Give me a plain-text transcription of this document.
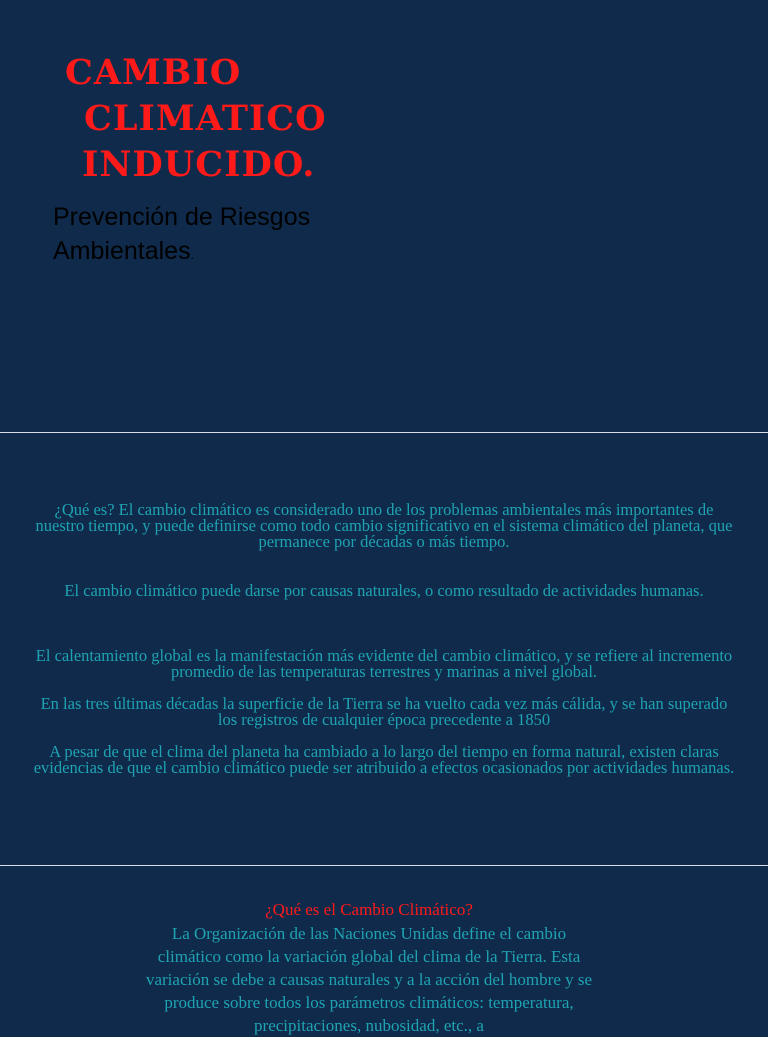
CAMBIO
CLIMATICO
INDUCIDO.
Prevención de Riesgos Ambientales.

¿Qué es? El cambio climático es considerado uno de los problemas ambientales más importantes de nuestro tiempo, y puede definirse como todo cambio significativo en el sistema climático del planeta, que permanece por décadas o más tiempo.

El cambio climático puede darse por causas naturales, o como resultado de actividades humanas.

El calentamiento global es la manifestación más evidente del cambio climático, y se refiere al incremento promedio de las temperaturas terrestres y marinas a nivel global.

En las tres últimas décadas la superficie de la Tierra se ha vuelto cada vez más cálida, y se han superado los registros de cualquier época precedente a 1850

A pesar de que el clima del planeta ha cambiado a lo largo del tiempo en forma natural, existen claras evidencias de que el cambio climático puede ser atribuido a efectos ocasionados por actividades humanas.

¿Qué es el Cambio Climático?
La Organización de las Naciones Unidas define el cambio climático como la variación global del clima de la Tierra. Esta variación se debe a causas naturales y a la acción del hombre y se produce sobre todos los parámetros climáticos: temperatura, precipitaciones, nubosidad, etc., a
